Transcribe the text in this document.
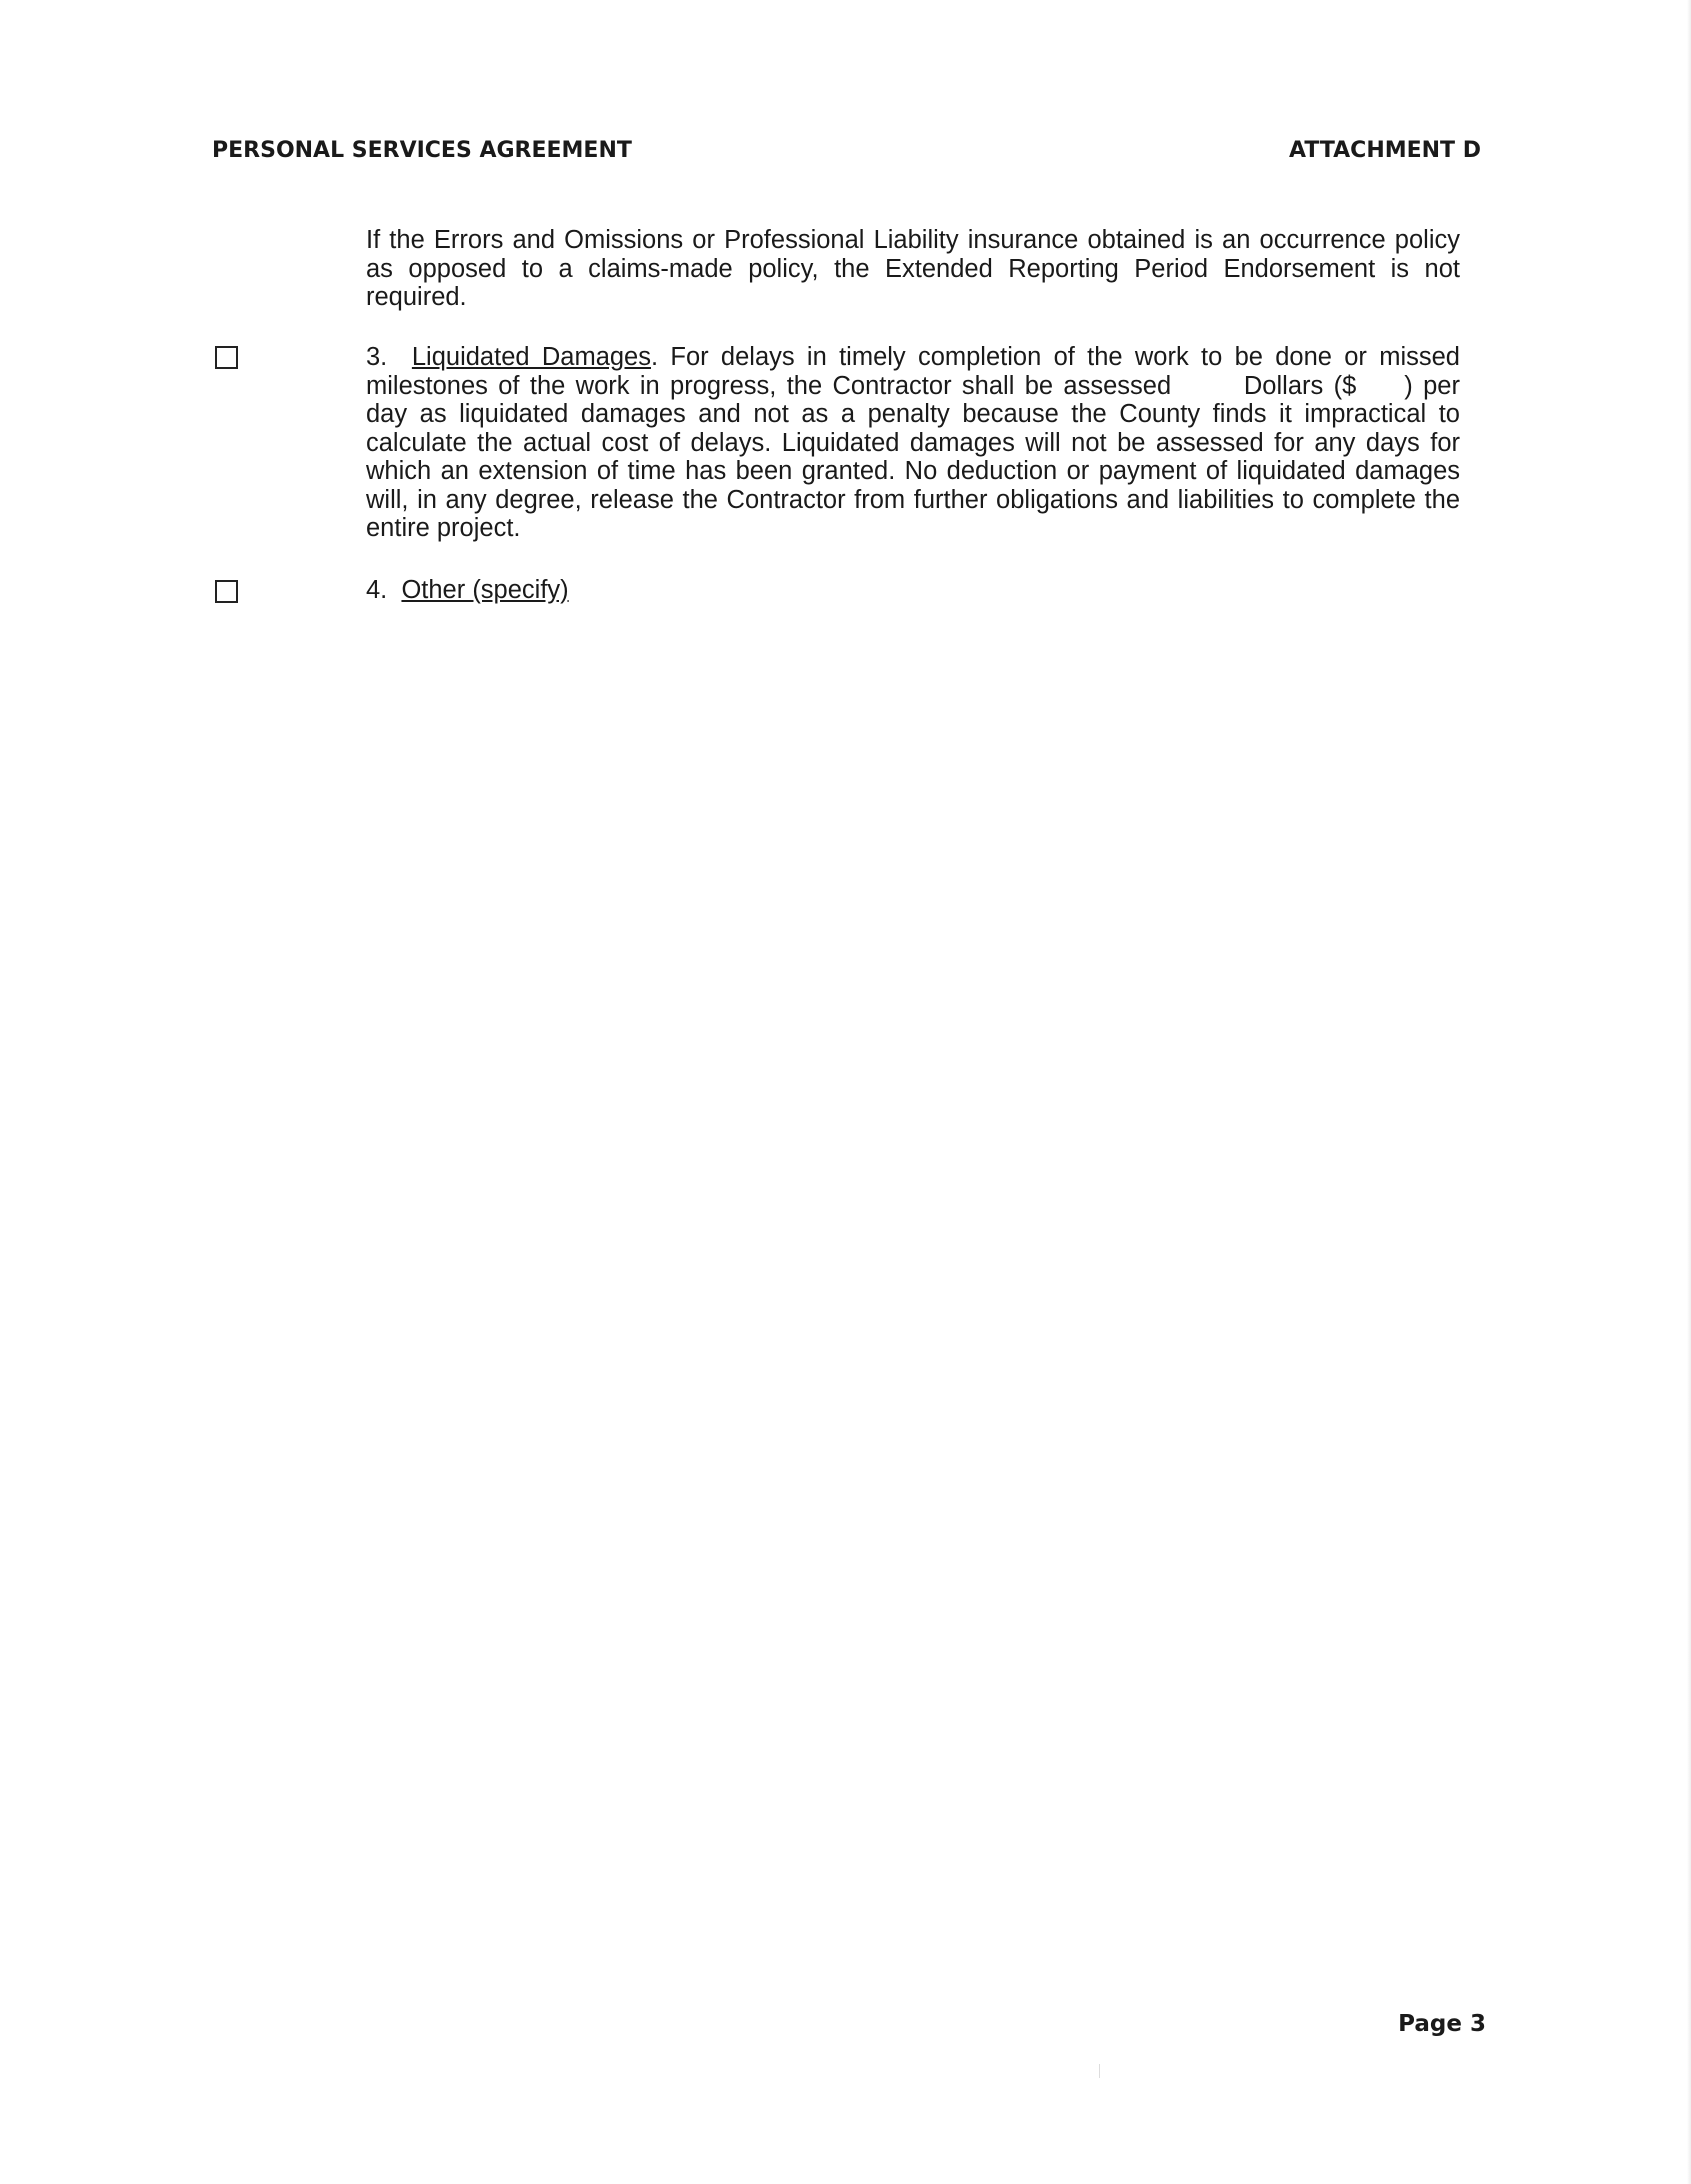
PERSONAL SERVICES AGREEMENT	ATTACHMENT D
If the Errors and Omissions or Professional Liability insurance obtained is an occurrence policy as opposed to a claims-made policy, the Extended Reporting Period Endorsement is not required.
3. Liquidated Damages. For delays in timely completion of the work to be done or missed milestones of the work in progress, the Contractor shall be assessed	Dollars ($ ) per day as liquidated damages and not as a penalty because the County finds it impractical to calculate the actual cost of delays. Liquidated damages will not be assessed for any days for which an extension of time has been granted. No deduction or payment of liquidated damages will, in any degree, release the Contractor from further obligations and liabilities to complete the entire project.
4. Other (specify)
Page 3
